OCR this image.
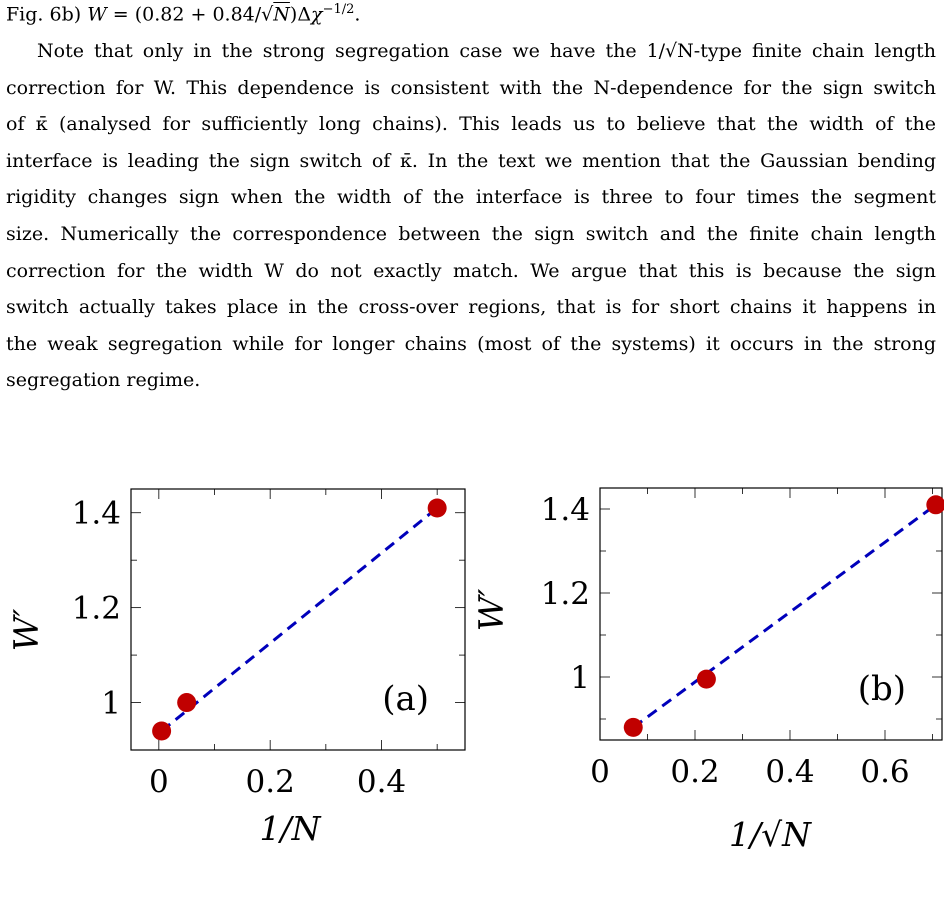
Fig. 6b) $W = (0.82 + 0.84/√N)\Delta\chi^{-1/2}$.
Note that only in the strong segregation case we have the 1/√N-type finite chain length
correction for W. This dependence is consistent with the N-dependence for the sign switch
of κ̄ (analysed for sufficiently long chains). This leads us to believe that the width of the
interface is leading the sign switch of κ̄. In the text we mention that the Gaussian bending
rigidity changes sign when the width of the interface is three to four times the segment
size. Numerically the correspondence between the sign switch and the finite chain length
correction for the width W do not exactly match. We argue that this is because the sign
switch actually takes place in the cross-over regions, that is for short chains it happens in
the weak segregation while for longer chains (most of the systems) it occurs in the strong
segregation regime.
0 0.2 0.4
1
1.2
1.4
(a)
1/N
W′
0 0.2 0.4 0.6
1
1.2
1.4
(b)
1/√N
W′
